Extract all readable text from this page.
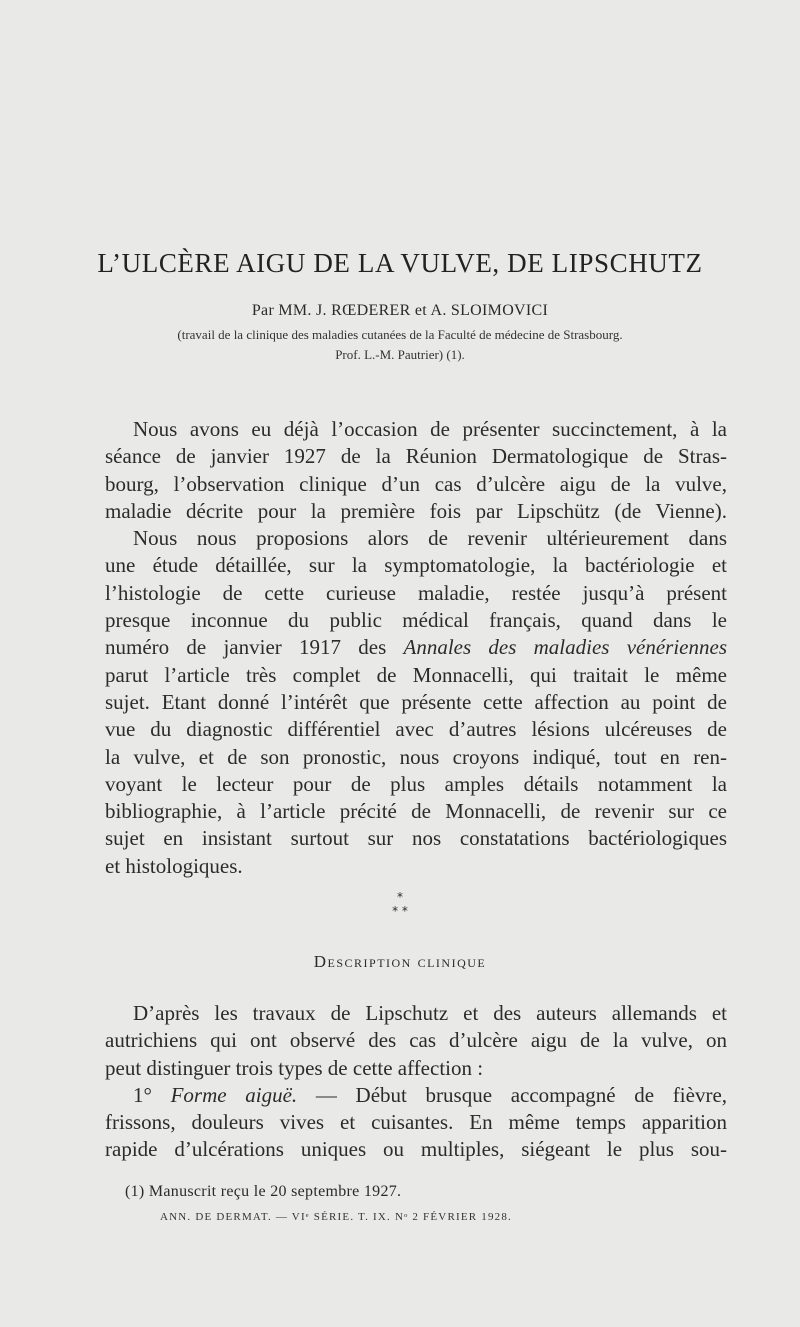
L’ULCÈRE AIGU DE LA VULVE, DE LIPSCHUTZ
Par MM. J. RŒDERER et A. SLOIMOVICI
(travail de la clinique des maladies cutanées de la Faculté de médecine de Strasbourg.
Prof. L.-M. Pautrier) (1).
Nous avons eu déjà l’occasion de présenter succinctement, à la
séance de janvier 1927 de la Réunion Dermatologique de Stras-
bourg, l’observation clinique d’un cas d’ulcère aigu de la vulve,
maladie décrite pour la première fois par Lipschütz (de Vienne).
Nous nous proposions alors de revenir ultérieurement dans
une étude détaillée, sur la symptomatologie, la bactériologie et
l’histologie de cette curieuse maladie, restée jusqu’à présent
presque inconnue du public médical français, quand dans le
numéro de janvier 1917 des Annales des maladies vénériennes
parut l’article très complet de Monnacelli, qui traitait le même
sujet. Etant donné l’intérêt que présente cette affection au point de
vue du diagnostic différentiel avec d’autres lésions ulcéreuses de
la vulve, et de son pronostic, nous croyons indiqué, tout en ren-
voyant le lecteur pour de plus amples détails notamment la
bibliographie, à l’article précité de Monnacelli, de revenir sur ce
sujet en insistant surtout sur nos constatations bactériologiques
et histologiques.
*
* *
Description clinique
D’après les travaux de Lipschutz et des auteurs allemands et
autrichiens qui ont observé des cas d’ulcère aigu de la vulve, on
peut distinguer trois types de cette affection :
1° Forme aiguë. — Début brusque accompagné de fièvre,
frissons, douleurs vives et cuisantes. En même temps apparition
rapide d’ulcérations uniques ou multiples, siégeant le plus sou-
(1) Manuscrit reçu le 20 septembre 1927.
ANN. DE DERMAT. — VIᵉ SÉRIE. T. IX. Nᵒ 2 FÉVRIER 1928.
